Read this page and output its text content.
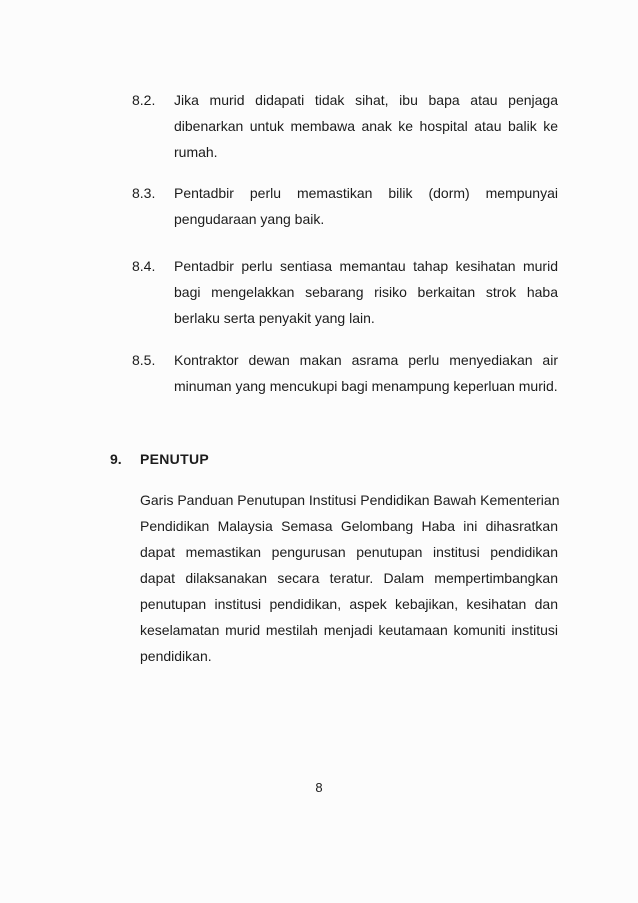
8.2. Jika murid didapati tidak sihat, ibu bapa atau penjaga
dibenarkan untuk membawa anak ke hospital atau balik ke
rumah.
8.3. Pentadbir perlu memastikan bilik (dorm) mempunyai
pengudaraan yang baik.
8.4. Pentadbir perlu sentiasa memantau tahap kesihatan murid
bagi mengelakkan sebarang risiko berkaitan strok haba
berlaku serta penyakit yang lain.
8.5. Kontraktor dewan makan asrama perlu menyediakan air
minuman yang mencukupi bagi menampung keperluan murid.
9. PENUTUP
Garis Panduan Penutupan Institusi Pendidikan Bawah Kementerian
Pendidikan Malaysia Semasa Gelombang Haba ini dihasratkan
dapat memastikan pengurusan penutupan institusi pendidikan
dapat dilaksanakan secara teratur. Dalam mempertimbangkan
penutupan institusi pendidikan, aspek kebajikan, kesihatan dan
keselamatan murid mestilah menjadi keutamaan komuniti institusi
pendidikan.
8
